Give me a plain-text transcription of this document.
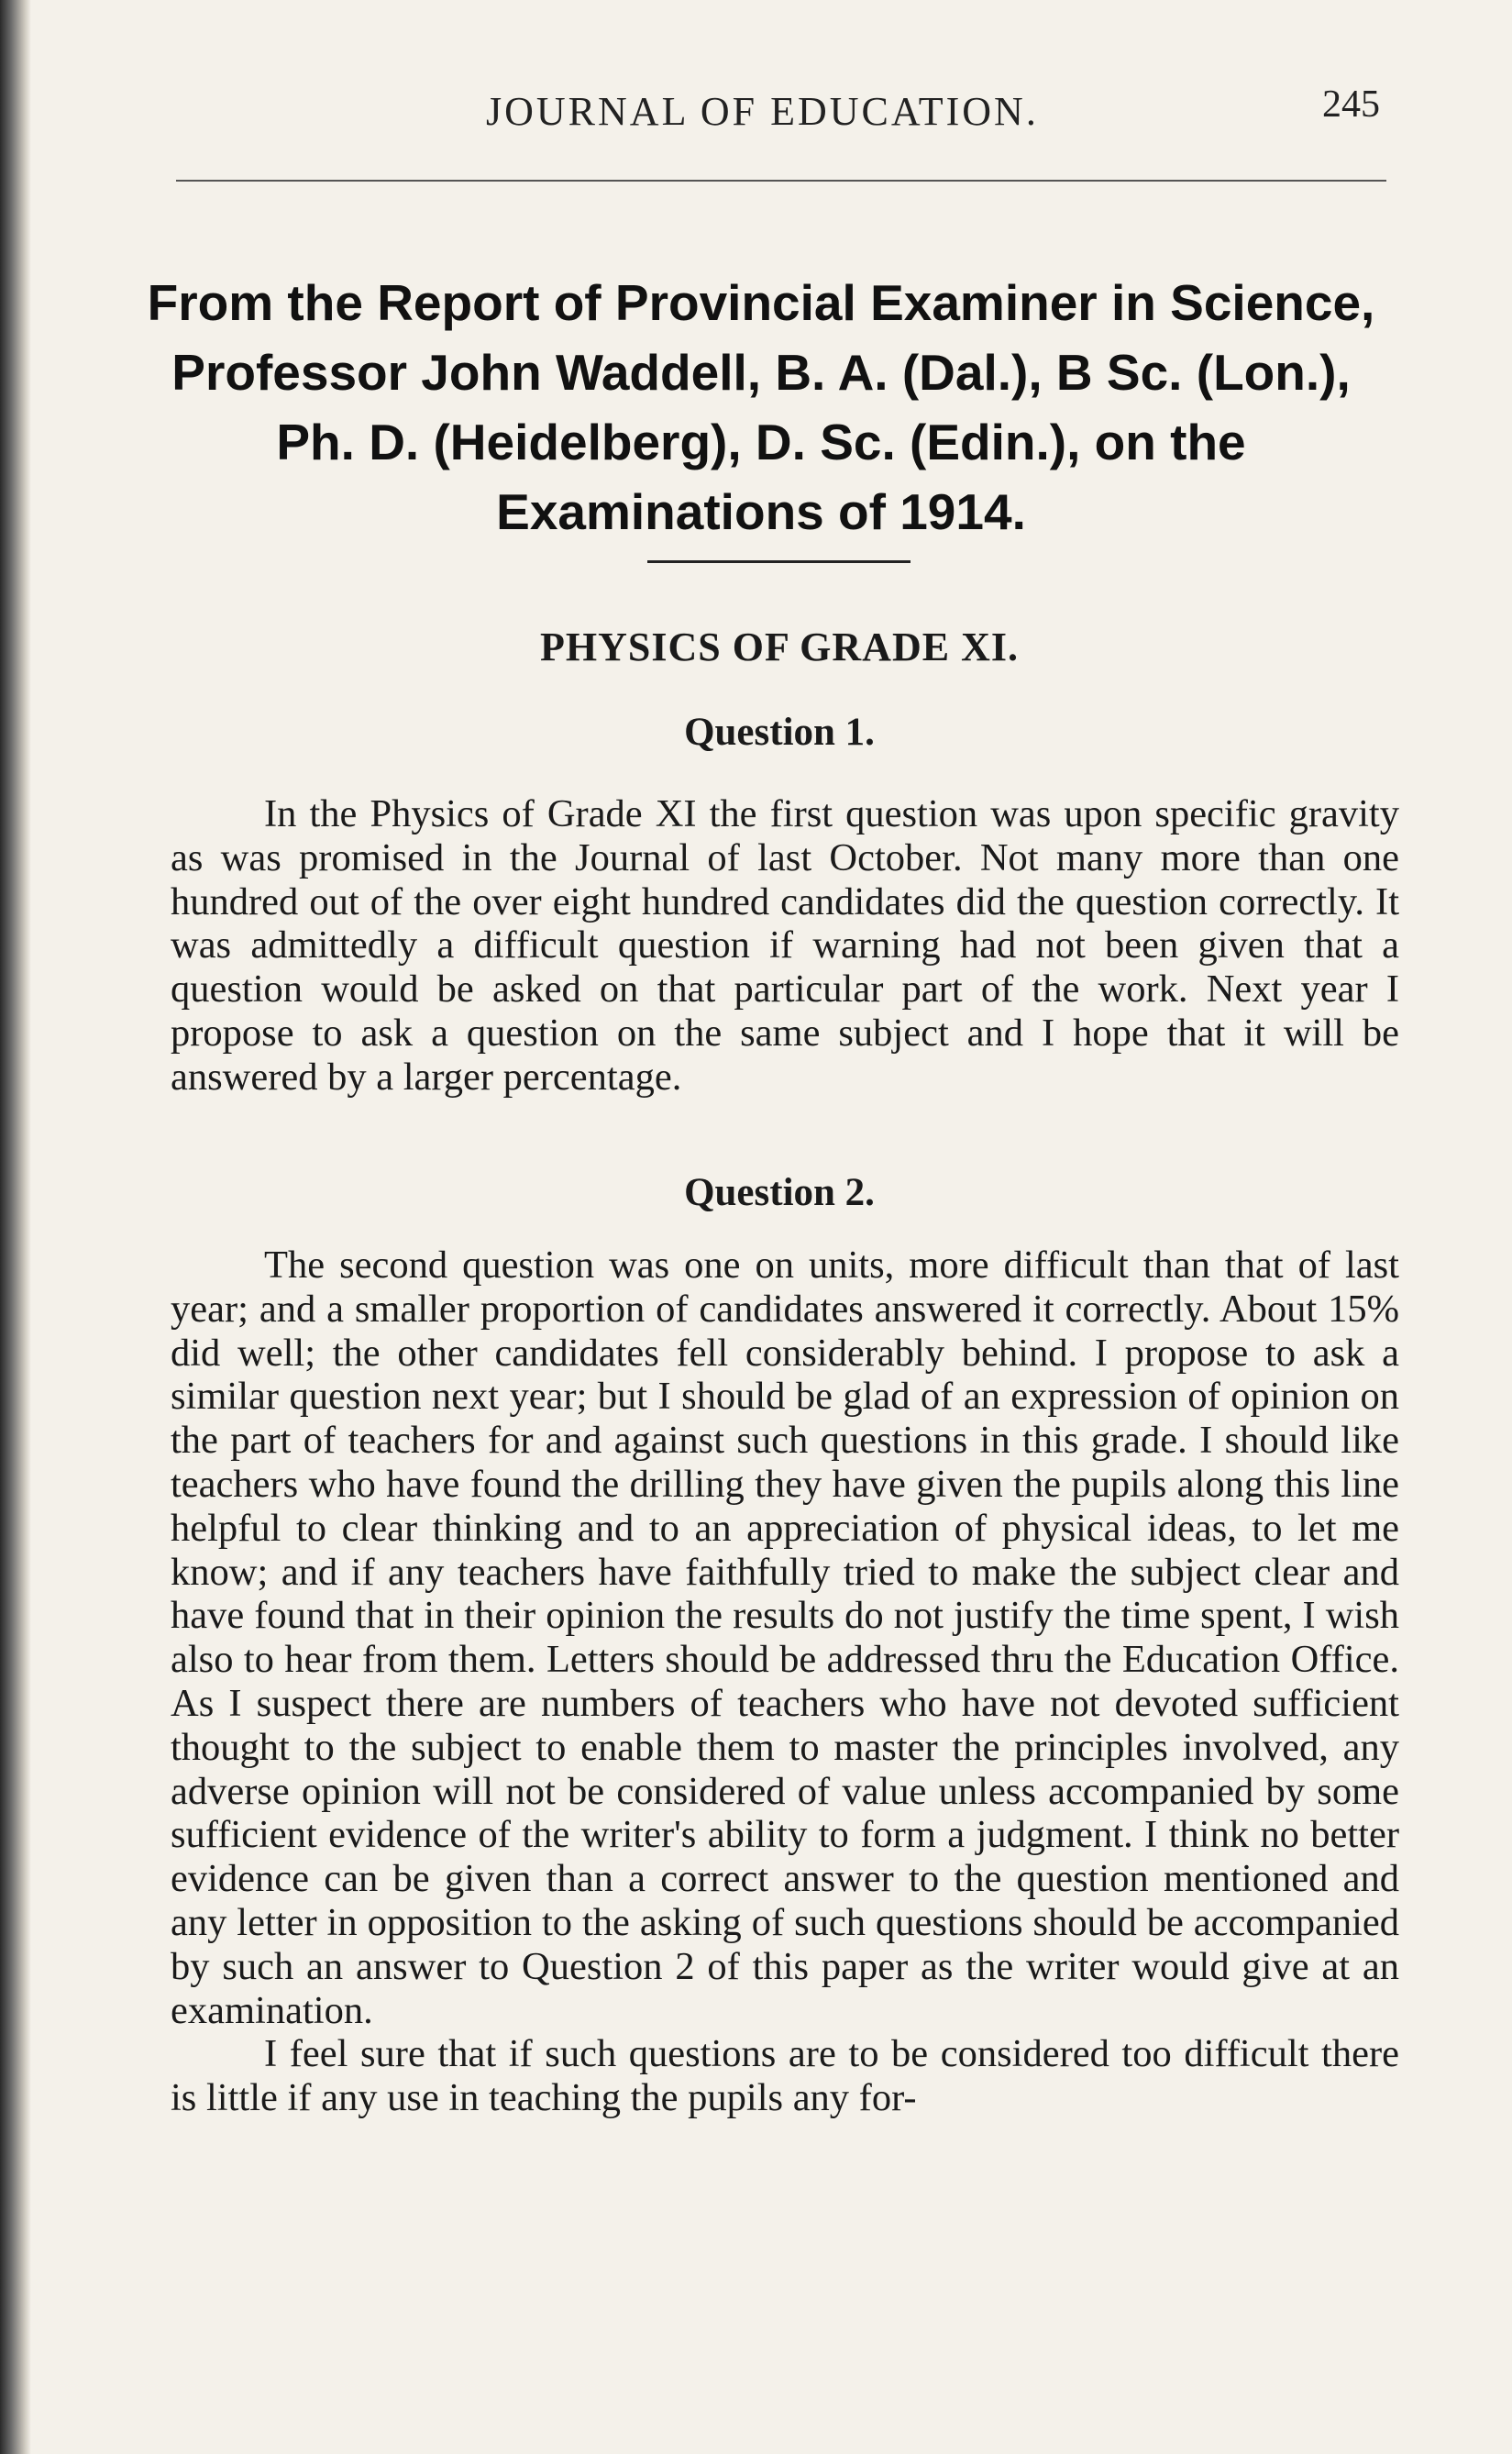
JOURNAL OF EDUCATION.	245
From the Report of Provincial Examiner in Science, Professor John Waddell, B. A. (Dal.), B Sc. (Lon.), Ph. D. (Heidelberg), D. Sc. (Edin.), on the Examinations of 1914.
PHYSICS OF GRADE XI.
Question 1.

In the Physics of Grade XI the first question was upon specific gravity as was promised in the Journal of last October. Not many more than one hundred out of the over eight hundred candidates did the question correctly. It was admittedly a difficult question if warning had not been given that a question would be asked on that particular part of the work. Next year I propose to ask a question on the same subject and I hope that it will be answered by a larger percentage.

Question 2.

The second question was one on units, more difficult than that of last year; and a smaller proportion of candidates answered it correctly. About 15% did well; the other candidates fell considerably behind. I propose to ask a similar question next year; but I should be glad of an expression of opinion on the part of teachers for and against such questions in this grade. I should like teachers who have found the drilling they have given the pupils along this line helpful to clear thinking and to an appreciation of physical ideas, to let me know; and if any teachers have faithfully tried to make the subject clear and have found that in their opinion the results do not justify the time spent, I wish also to hear from them. Letters should be addressed thru the Education Office. As I suspect there are numbers of teachers who have not devoted sufficient thought to the subject to enable them to master the principles involved, any adverse opinion will not be considered of value unless accompanied by some sufficient evidence of the writer's ability to form a judgment. I think no better evidence can be given than a correct answer to the question mentioned and any letter in opposition to the asking of such questions should be accompanied by such an answer to Question 2 of this paper as the writer would give at an examination.

I feel sure that if such questions are to be considered too difficult there is little if any use in teaching the pupils any for-
